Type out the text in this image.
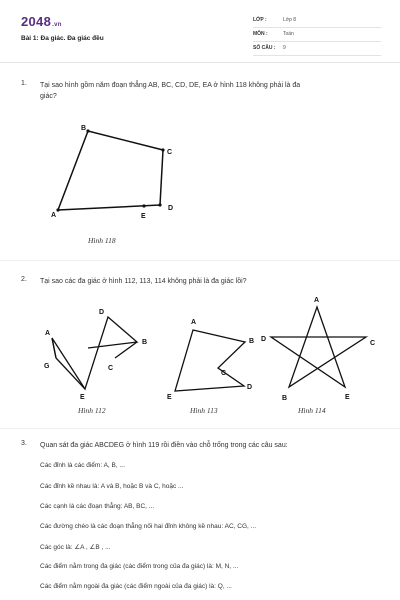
2048.vn
Bài 1: Đa giác. Đa giác đều
LỚP :	Lớp 8
MÔN :	Toán
SỐ CÂU : 9
1. Tại sao hình gồm năm đoạn thẳng AB, BC, CD, DE, EA ở hình 118 không phải là đa
giác?
A
B
C
D
E
Hình 118
2. Tại sao các đa giác ở hình 112, 113, 114 không phải là đa giác lồi?
A
B
C
D
E
G
Hình 112
A
B
C
D
E
Hình 113
A
B
C
D
E
Hình 114
3. Quan sát đa giác ABCDEG ở hình 119 rồi điền vào chỗ trống trong các câu sau:
Các đỉnh là các điểm: A, B, ...
Các đỉnh kề nhau là: A và B, hoặc B và C, hoặc ...
Các cạnh là các đoạn thẳng: AB, BC, ...
Các đường chéo là các đoạn thẳng nối hai đỉnh không kề nhau: AC, CG, ...
Các góc là: ∠A , ∠B , ...
Các điểm nằm trong đa giác (các điểm trong của đa giác) là: M, N, ...
Các điểm nằm ngoài đa giác (các điểm ngoài của đa giác) là: Q, ...
